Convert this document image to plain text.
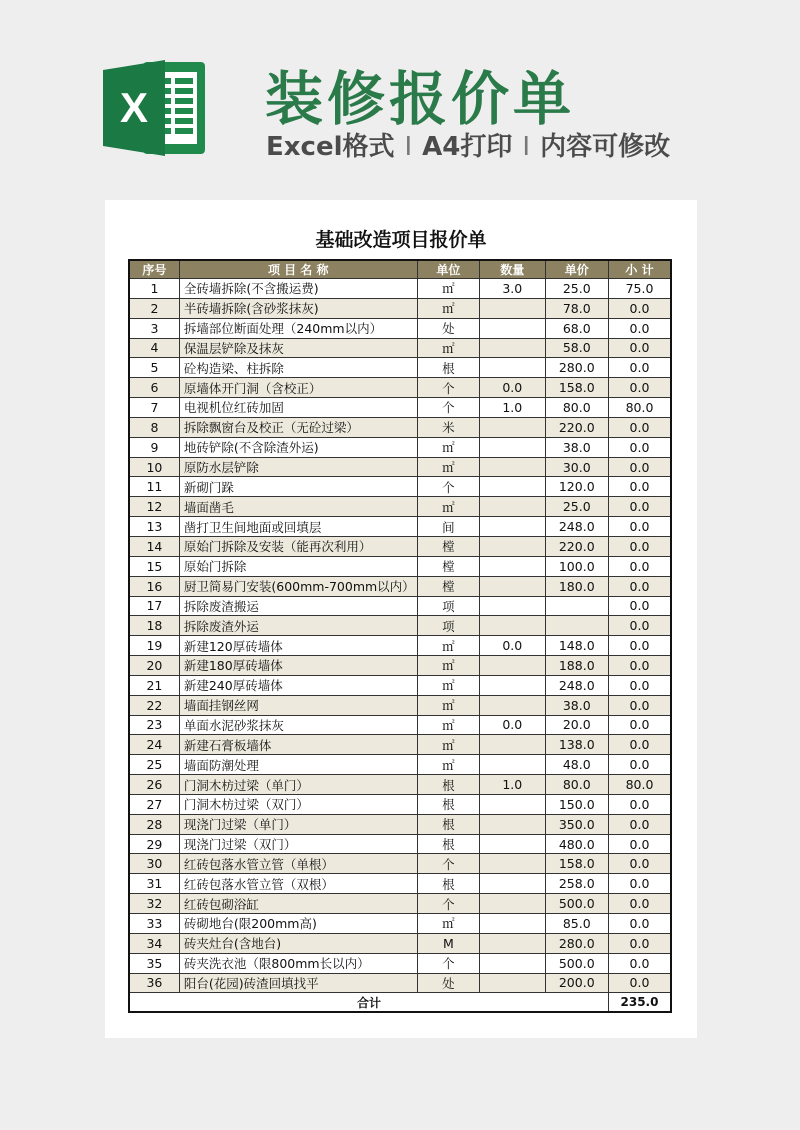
X 装修报价单
Excel格式 I A4打印 I 内容可修改
基础改造项目报价单
序号	项 目 名 称	单位	数量	单价	小 计
1	全砖墙拆除(不含搬运费)	㎡	3.0	25.0	75.0
2	半砖墙拆除(含砂浆抹灰)	㎡		78.0	0.0
3	拆墙部位断面处理（240mm以内）	处		68.0	0.0
4	保温层铲除及抹灰	㎡		58.0	0.0
5	砼构造梁、柱拆除	根		280.0	0.0
6	原墙体开门洞（含校正）	个	0.0	158.0	0.0
7	电视机位红砖加固	个	1.0	80.0	80.0
8	拆除飘窗台及校正（无砼过梁）	米		220.0	0.0
9	地砖铲除(不含除渣外运)	㎡		38.0	0.0
10	原防水层铲除	㎡		30.0	0.0
11	新砌门跺	个		120.0	0.0
12	墙面凿毛	㎡		25.0	0.0
13	凿打卫生间地面或回填层	间		248.0	0.0
14	原始门拆除及安装（能再次利用）	樘		220.0	0.0
15	原始门拆除	樘		100.0	0.0
16	厨卫简易门安装(600mm-700mm以内）	樘		180.0	0.0
17	拆除废渣搬运	项			0.0
18	拆除废渣外运	项			0.0
19	新建120厚砖墙体	㎡	0.0	148.0	0.0
20	新建180厚砖墙体	㎡		188.0	0.0
21	新建240厚砖墙体	㎡		248.0	0.0
22	墙面挂钢丝网	㎡		38.0	0.0
23	单面水泥砂浆抹灰	㎡	0.0	20.0	0.0
24	新建石膏板墙体	㎡		138.0	0.0
25	墙面防潮处理	㎡		48.0	0.0
26	门洞木枋过梁（单门）	根	1.0	80.0	80.0
27	门洞木枋过梁（双门）	根		150.0	0.0
28	现浇门过梁（单门）	根		350.0	0.0
29	现浇门过梁（双门）	根		480.0	0.0
30	红砖包落水管立管（单根）	个		158.0	0.0
31	红砖包落水管立管（双根）	根		258.0	0.0
32	红砖包砌浴缸	个		500.0	0.0
33	砖砌地台(限200mm高)	㎡		85.0	0.0
34	砖夹灶台(含地台)	M		280.0	0.0
35	砖夹洗衣池（限800mm长以内）	个		500.0	0.0
36	阳台(花园)砖渣回填找平	处		200.0	0.0
合计					235.0
